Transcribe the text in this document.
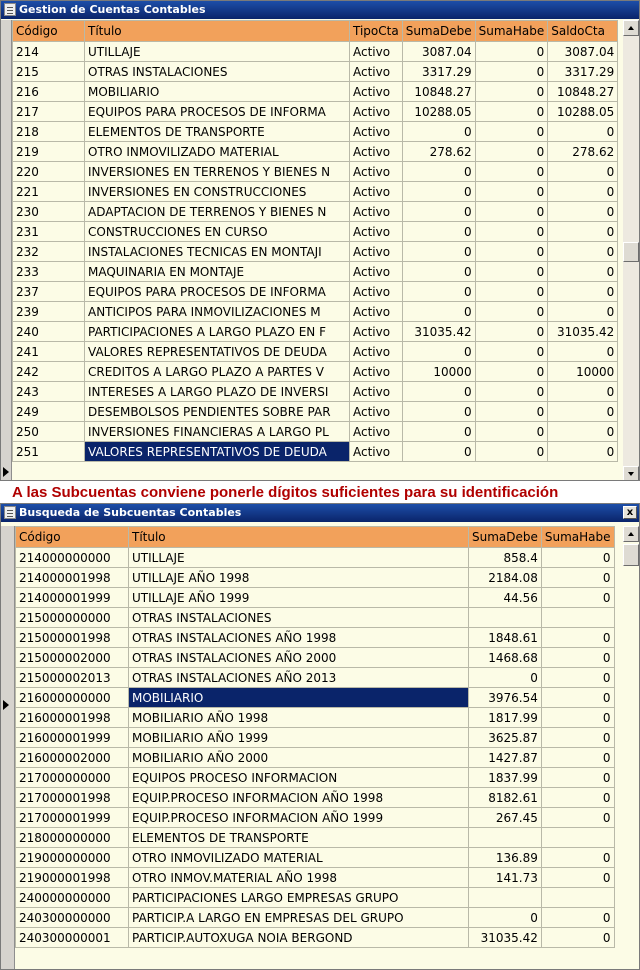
Gestion de Cuentas Contables
Código	Título	TipoCta	SumaDebe	SumaHabe	SaldoCta
214	UTILLAJE	Activo	3087.04	0	3087.04
215	OTRAS INSTALACIONES	Activo	3317.29	0	3317.29
216	MOBILIARIO	Activo	10848.27	0	10848.27
217	EQUIPOS PARA PROCESOS DE INFORMA	Activo	10288.05	0	10288.05
218	ELEMENTOS DE TRANSPORTE	Activo	0	0	0
219	OTRO INMOVILIZADO MATERIAL	Activo	278.62	0	278.62
220	INVERSIONES EN TERRENOS Y BIENES N	Activo	0	0	0
221	INVERSIONES EN CONSTRUCCIONES	Activo	0	0	0
230	ADAPTACION DE TERRENOS Y BIENES N	Activo	0	0	0
231	CONSTRUCCIONES EN CURSO	Activo	0	0	0
232	INSTALACIONES TECNICAS EN MONTAJI	Activo	0	0	0
233	MAQUINARIA EN MONTAJE	Activo	0	0	0
237	EQUIPOS PARA PROCESOS DE INFORMA	Activo	0	0	0
239	ANTICIPOS PARA INMOVILIZACIONES M	Activo	0	0	0
240	PARTICIPACIONES A LARGO PLAZO EN F	Activo	31035.42	0	31035.42
241	VALORES REPRESENTATIVOS DE DEUDA	Activo	0	0	0
242	CREDITOS A LARGO PLAZO A PARTES V	Activo	10000	0	10000
243	INTERESES A LARGO PLAZO DE INVERSI	Activo	0	0	0
249	DESEMBOLSOS PENDIENTES SOBRE PAR	Activo	0	0	0
250	INVERSIONES FINANCIERAS A LARGO PL	Activo	0	0	0
251	VALORES REPRESENTATIVOS DE DEUDA	Activo	0	0	0
A las Subcuentas conviene ponerle dígitos suficientes para su identificación
Busqueda de Subcuentas Contables	x
Código	Título	SumaDebe	SumaHabe
214000000000	UTILLAJE	858.4	0
214000001998	UTILLAJE AÑO 1998	2184.08	0
214000001999	UTILLAJE AÑO 1999	44.56	0
215000000000	OTRAS INSTALACIONES		
215000001998	OTRAS INSTALACIONES AÑO 1998	1848.61	0
215000002000	OTRAS INSTALACIONES AÑO 2000	1468.68	0
215000002013	OTRAS INSTALACIONES AÑO 2013	0	0
216000000000	MOBILIARIO	3976.54	0
216000001998	MOBILIARIO AÑO 1998	1817.99	0
216000001999	MOBILIARIO AÑO 1999	3625.87	0
216000002000	MOBILIARIO AÑO 2000	1427.87	0
217000000000	EQUIPOS PROCESO INFORMACION	1837.99	0
217000001998	EQUIP.PROCESO INFORMACION AÑO 1998	8182.61	0
217000001999	EQUIP.PROCESO INFORMACION AÑO 1999	267.45	0
218000000000	ELEMENTOS DE TRANSPORTE		
219000000000	OTRO INMOVILIZADO MATERIAL	136.89	0
219000001998	OTRO INMOV.MATERIAL AÑO 1998	141.73	0
240000000000	PARTICIPACIONES LARGO EMPRESAS GRUPO		
240300000000	PARTICIP.A LARGO EN EMPRESAS DEL GRUPO	0	0
240300000001	PARTICIP.AUTOXUGA NOIA BERGOND	31035.42	0
